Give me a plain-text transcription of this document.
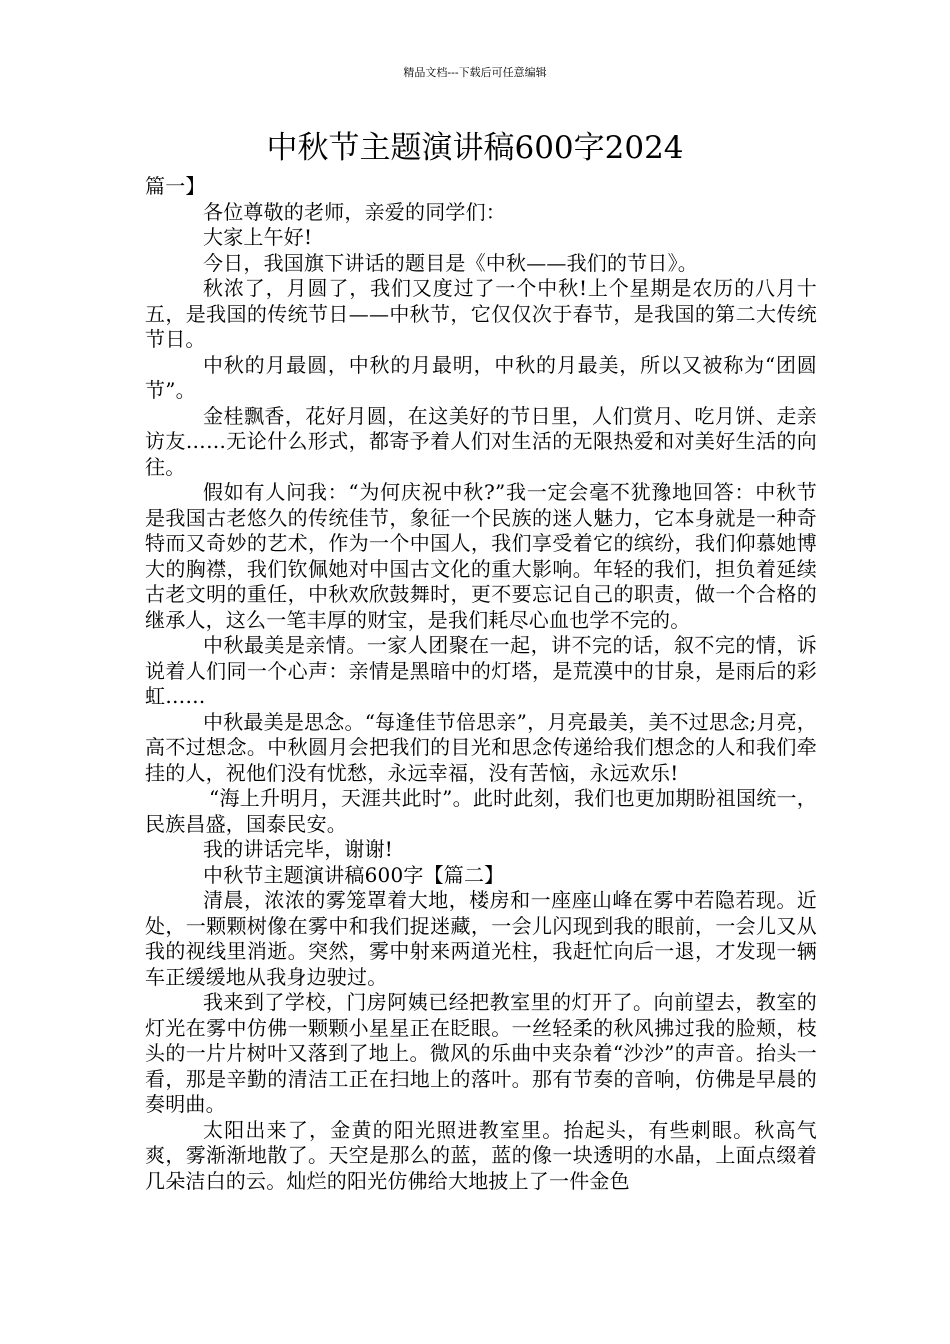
精品文档---下载后可任意编辑
中秋节主题演讲稿600字2024

篇一】

各位尊敬的老师，亲爱的同学们：

大家上午好!

今日，我国旗下讲话的题目是《中秋——我们的节日》。

秋浓了，月圆了，我们又度过了一个中秋!上个星期是农历的八月十五，是我国的传统节日——中秋节，它仅仅次于春节，是我国的第二大传统节日。

中秋的月最圆，中秋的月最明，中秋的月最美，所以又被称为“团圆节”。

金桂飘香，花好月圆，在这美好的节日里，人们赏月、吃月饼、走亲访友……无论什么形式，都寄予着人们对生活的无限热爱和对美好生活的向往。

假如有人问我：“为何庆祝中秋?”我一定会毫不犹豫地回答：中秋节是我国古老悠久的传统佳节，象征一个民族的迷人魅力，它本身就是一种奇特而又奇妙的艺术，作为一个中国人，我们享受着它的缤纷，我们仰慕她博大的胸襟，我们钦佩她对中国古文化的重大影响。年轻的我们，担负着延续古老文明的重任，中秋欢欣鼓舞时，更不要忘记自己的职责，做一个合格的继承人，这么一笔丰厚的财宝，是我们耗尽心血也学不完的。

中秋最美是亲情。一家人团聚在一起，讲不完的话，叙不完的情，诉说着人们同一个心声：亲情是黑暗中的灯塔，是荒漠中的甘泉，是雨后的彩虹……

中秋最美是思念。“每逢佳节倍思亲”，月亮最美，美不过思念;月亮，高不过想念。中秋圆月会把我们的目光和思念传递给我们想念的人和我们牵挂的人，祝他们没有忧愁，永远幸福，没有苦恼，永远欢乐!

“海上升明月，天涯共此时”。此时此刻，我们也更加期盼祖国统一，民族昌盛，国泰民安。

我的讲话完毕，谢谢!

中秋节主题演讲稿600字【篇二】

清晨，浓浓的雾笼罩着大地，楼房和一座座山峰在雾中若隐若现。近处，一颗颗树像在雾中和我们捉迷藏，一会儿闪现到我的眼前，一会儿又从我的视线里消逝。突然，雾中射来两道光柱，我赶忙向后一退，才发现一辆车正缓缓地从我身边驶过。

我来到了学校，门房阿姨已经把教室里的灯开了。向前望去，教室的灯光在雾中仿佛一颗颗小星星正在眨眼。一丝轻柔的秋风拂过我的脸颊，枝头的一片片树叶又落到了地上。微风的乐曲中夹杂着“沙沙”的声音。抬头一看，那是辛勤的清洁工正在扫地上的落叶。那有节奏的音响，仿佛是早晨的奏明曲。

太阳出来了，金黄的阳光照进教室里。抬起头，有些刺眼。秋高气爽，雾渐渐地散了。天空是那么的蓝，蓝的像一块透明的水晶，上面点缀着几朵洁白的云。灿烂的阳光仿佛给大地披上了一件金色
